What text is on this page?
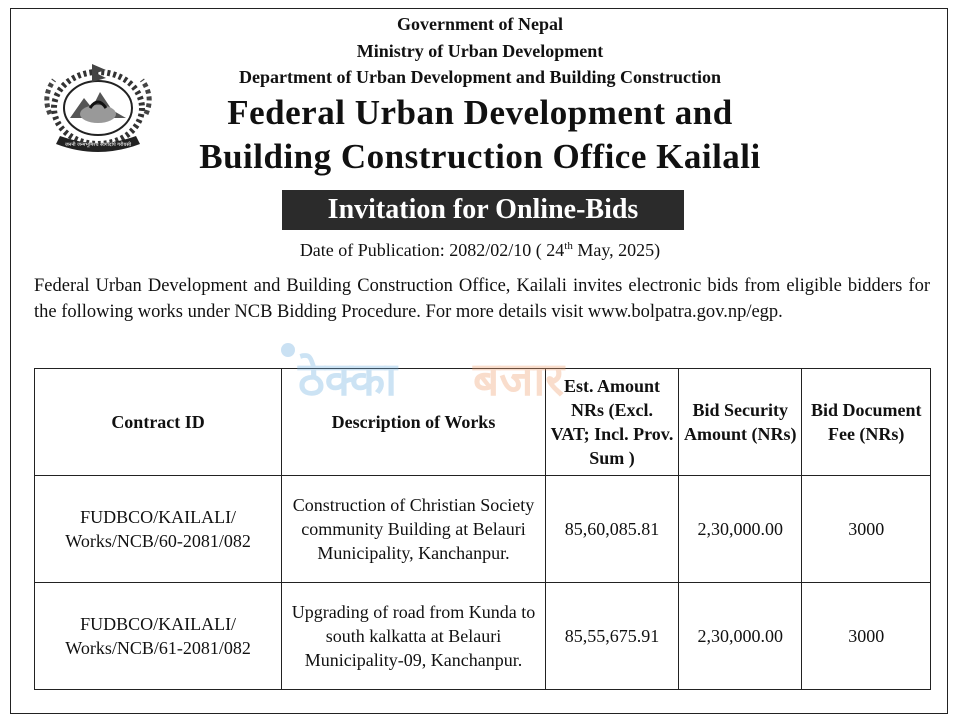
जननी जन्मभूमिश्च स्वर्गादपि गरीयसी
Government of Nepal
Ministry of Urban Development
Department of Urban Development and Building Construction
Federal Urban Development and
Building Construction Office Kailali
Invitation for Online-Bids
Date of Publication: 2082/02/10 ( 24th May, 2025)
Federal Urban Development and Building Construction Office, Kailali invites electronic bids from eligible bidders for the following works under NCB Bidding Procedure. For more details visit www.bolpatra.gov.np/egp.
Contract ID	Description of Works	Est. Amount NRs (Excl. VAT; Incl. Prov. Sum )	Bid Security Amount (NRs)	Bid Document Fee (NRs)
FUDBCO/KAILALI/ Works/NCB/60-2081/082	Construction of Christian Society community Building at Belauri Municipality, Kanchanpur.	85,60,085.81	2,30,000.00	3000
FUDBCO/KAILALI/ Works/NCB/61-2081/082	Upgrading of road from Kunda to south kalkatta at Belauri Municipality-09, Kanchanpur.	85,55,675.91	2,30,000.00	3000
ठेक्का बजार
